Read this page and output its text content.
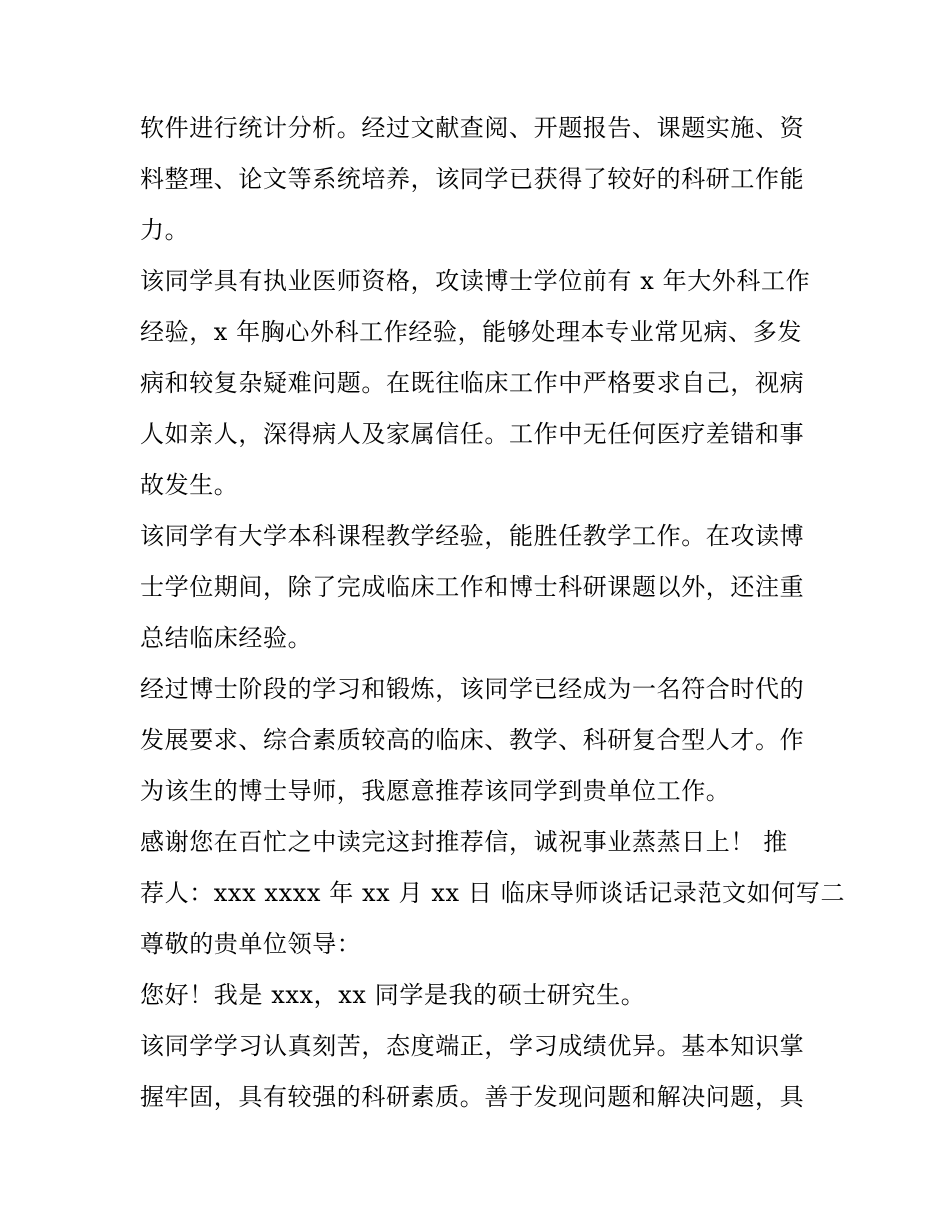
软件进行统计分析。经过文献查阅、开题报告、课题实施、资

料整理、论文等系统培养，该同学已获得了较好的科研工作能

力。

该同学具有执业医师资格，攻读博士学位前有 x 年大外科工作

经验，x 年胸心外科工作经验，能够处理本专业常见病、多发

病和较复杂疑难问题。在既往临床工作中严格要求自己，视病

人如亲人，深得病人及家属信任。工作中无任何医疗差错和事

故发生。

该同学有大学本科课程教学经验，能胜任教学工作。在攻读博

士学位期间，除了完成临床工作和博士科研课题以外，还注重

总结临床经验。

经过博士阶段的学习和锻炼，该同学已经成为一名符合时代的

发展要求、综合素质较高的临床、教学、科研复合型人才。作

为该生的博士导师，我愿意推荐该同学到贵单位工作。

感谢您在百忙之中读完这封推荐信，诚祝事业蒸蒸日上！ 推

荐人：xxx xxxx 年 xx 月 xx 日 临床导师谈话记录范文如何写二

尊敬的贵单位领导：

您好！我是 xxx，xx 同学是我的硕士研究生。

该同学学习认真刻苦，态度端正，学习成绩优异。基本知识掌

握牢固，具有较强的科研素质。善于发现问题和解决问题，具
